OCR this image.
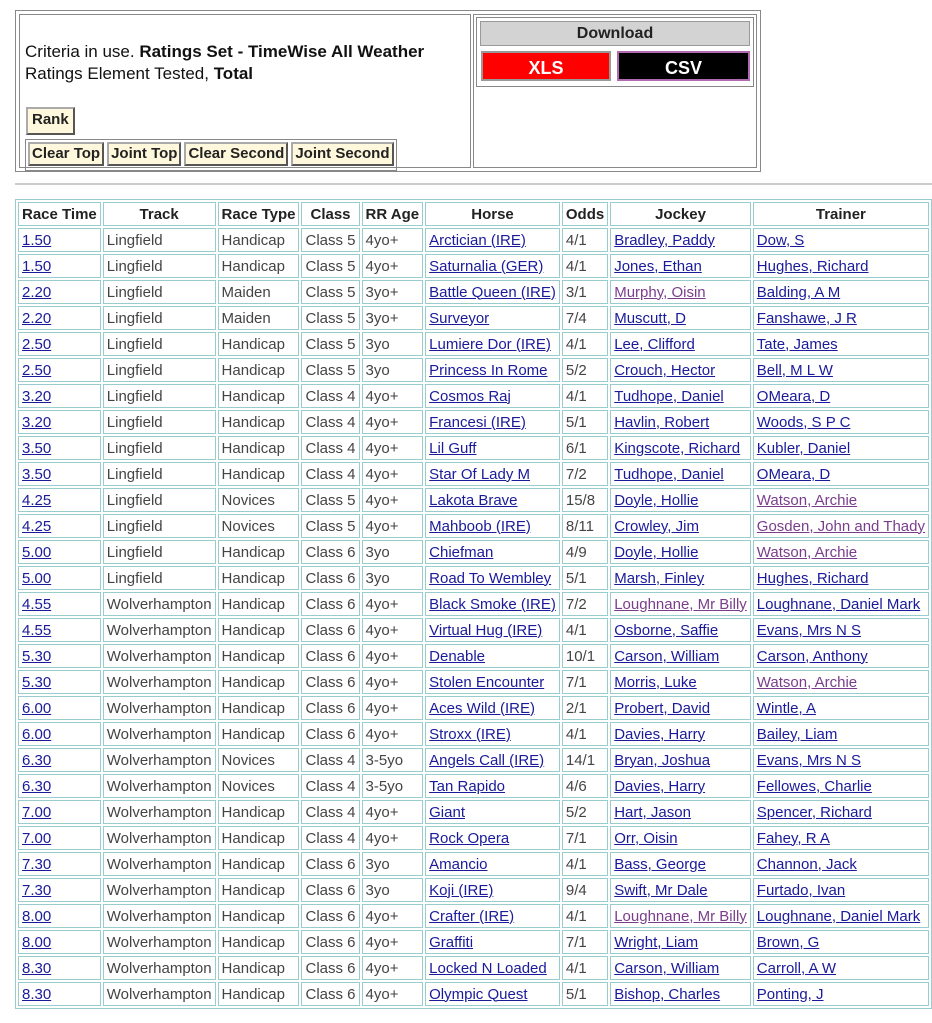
Criteria in use. Ratings Set - TimeWise All Weather
Ratings Element Tested, Total
Rank
Clear Top Joint Top Clear Second Joint Second
Download
XLS	CSV
Race Time	Track	Race Type	Class	RR Age	Horse	Odds	Jockey	Trainer
1.50	Lingfield	Handicap	Class 5	4yo+	Arctician (IRE)	4/1	Bradley, Paddy	Dow, S
1.50	Lingfield	Handicap	Class 5	4yo+	Saturnalia (GER)	4/1	Jones, Ethan	Hughes, Richard
2.20	Lingfield	Maiden	Class 5	3yo+	Battle Queen (IRE)	3/1	Murphy, Oisin	Balding, A M
2.20	Lingfield	Maiden	Class 5	3yo+	Surveyor	7/4	Muscutt, D	Fanshawe, J R
2.50	Lingfield	Handicap	Class 5	3yo	Lumiere Dor (IRE)	4/1	Lee, Clifford	Tate, James
2.50	Lingfield	Handicap	Class 5	3yo	Princess In Rome	5/2	Crouch, Hector	Bell, M L W
3.20	Lingfield	Handicap	Class 4	4yo+	Cosmos Raj	4/1	Tudhope, Daniel	OMeara, D
3.20	Lingfield	Handicap	Class 4	4yo+	Francesi (IRE)	5/1	Havlin, Robert	Woods, S P C
3.50	Lingfield	Handicap	Class 4	4yo+	Lil Guff	6/1	Kingscote, Richard	Kubler, Daniel
3.50	Lingfield	Handicap	Class 4	4yo+	Star Of Lady M	7/2	Tudhope, Daniel	OMeara, D
4.25	Lingfield	Novices	Class 5	4yo+	Lakota Brave	15/8	Doyle, Hollie	Watson, Archie
4.25	Lingfield	Novices	Class 5	4yo+	Mahboob (IRE)	8/11	Crowley, Jim	Gosden, John and Thady
5.00	Lingfield	Handicap	Class 6	3yo	Chiefman	4/9	Doyle, Hollie	Watson, Archie
5.00	Lingfield	Handicap	Class 6	3yo	Road To Wembley	5/1	Marsh, Finley	Hughes, Richard
4.55	Wolverhampton	Handicap	Class 6	4yo+	Black Smoke (IRE)	7/2	Loughnane, Mr Billy	Loughnane, Daniel Mark
4.55	Wolverhampton	Handicap	Class 6	4yo+	Virtual Hug (IRE)	4/1	Osborne, Saffie	Evans, Mrs N S
5.30	Wolverhampton	Handicap	Class 6	4yo+	Denable	10/1	Carson, William	Carson, Anthony
5.30	Wolverhampton	Handicap	Class 6	4yo+	Stolen Encounter	7/1	Morris, Luke	Watson, Archie
6.00	Wolverhampton	Handicap	Class 6	4yo+	Aces Wild (IRE)	2/1	Probert, David	Wintle, A
6.00	Wolverhampton	Handicap	Class 6	4yo+	Stroxx (IRE)	4/1	Davies, Harry	Bailey, Liam
6.30	Wolverhampton	Novices	Class 4	3-5yo	Angels Call (IRE)	14/1	Bryan, Joshua	Evans, Mrs N S
6.30	Wolverhampton	Novices	Class 4	3-5yo	Tan Rapido	4/6	Davies, Harry	Fellowes, Charlie
7.00	Wolverhampton	Handicap	Class 4	4yo+	Giant	5/2	Hart, Jason	Spencer, Richard
7.00	Wolverhampton	Handicap	Class 4	4yo+	Rock Opera	7/1	Orr, Oisin	Fahey, R A
7.30	Wolverhampton	Handicap	Class 6	3yo	Amancio	4/1	Bass, George	Channon, Jack
7.30	Wolverhampton	Handicap	Class 6	3yo	Koji (IRE)	9/4	Swift, Mr Dale	Furtado, Ivan
8.00	Wolverhampton	Handicap	Class 6	4yo+	Crafter (IRE)	4/1	Loughnane, Mr Billy	Loughnane, Daniel Mark
8.00	Wolverhampton	Handicap	Class 6	4yo+	Graffiti	7/1	Wright, Liam	Brown, G
8.30	Wolverhampton	Handicap	Class 6	4yo+	Locked N Loaded	4/1	Carson, William	Carroll, A W
8.30	Wolverhampton	Handicap	Class 6	4yo+	Olympic Quest	5/1	Bishop, Charles	Ponting, J
